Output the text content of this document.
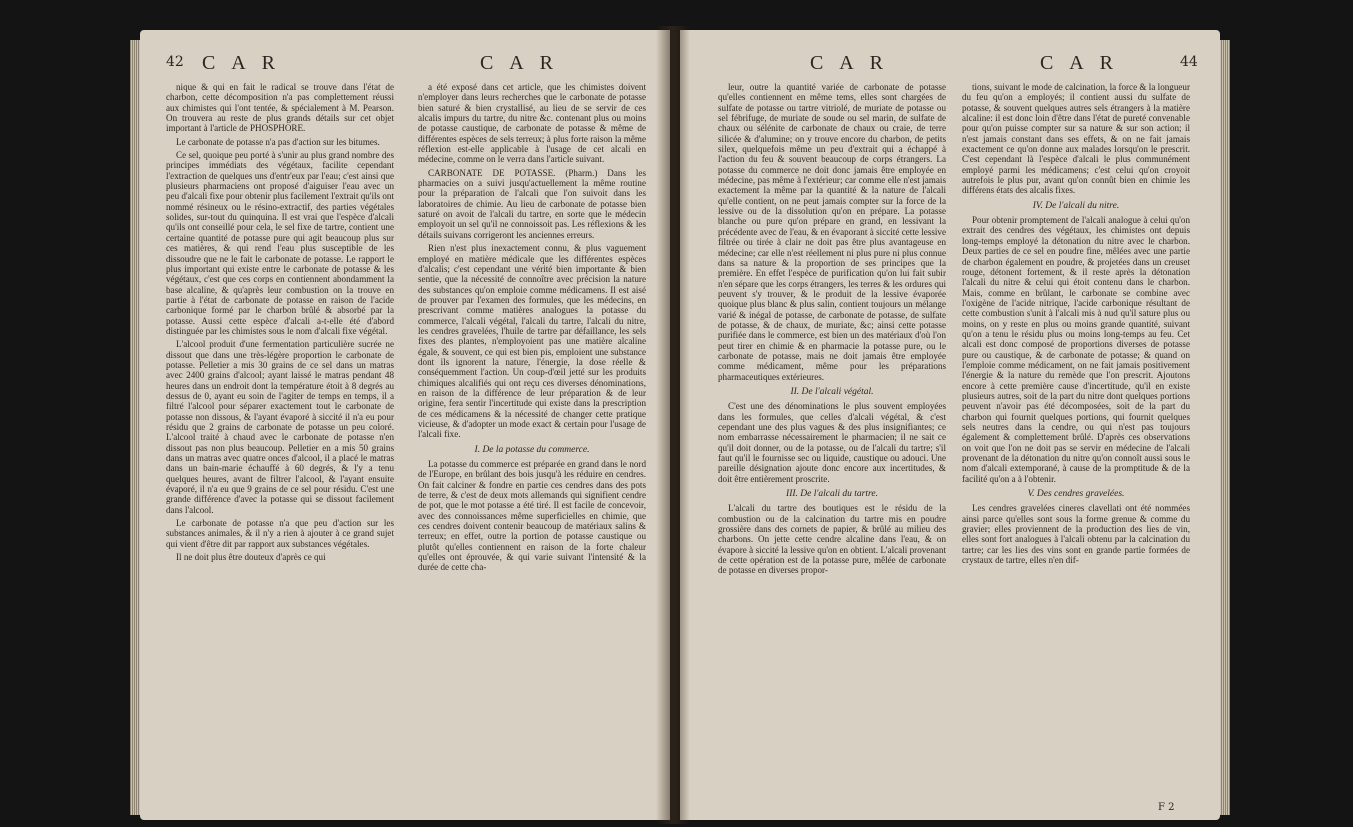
42 C A R	C A R

nique & qui en fait le radical se trouve dans l'état de charbon, cette décomposition n'a pas complettement réussi aux chimistes qui l'ont tentée, & spécialement à M. Pearson. On trouvera au reste de plus grands détails sur cet objet important à l'article de PHOSPHORE.

Le carbonate de potasse n'a pas d'action sur les bitumes.

Ce sel, quoique peu porté à s'unir au plus grand nombre des principes immédiats des végétaux, facilite cependant l'extraction de quelques uns d'entr'eux par l'eau; c'est ainsi que plusieurs pharmaciens ont proposé d'aiguiser l'eau avec un peu d'alcali fixe pour obtenir plus facilement l'extrait qu'ils ont nommé résineux ou le résino-extractif, des parties végétales solides, sur-tout du quinquina. Il est vrai que l'espèce d'alcali qu'ils ont conseillé pour cela, le sel fixe de tartre, contient une certaine quantité de potasse pure qui agit beaucoup plus sur ces matières, & qui rend l'eau plus susceptible de les dissoudre que ne le fait le carbonate de potasse. Le rapport le plus important qui existe entre le carbonate de potasse & les végétaux, c'est que ces corps en contiennent abondamment la base alcaline, & qu'après leur combustion on la trouve en partie à l'état de carbonate de potasse en raison de l'acide carbonique formé par le charbon brûlé & absorbé par la potasse. Aussi cette espèce d'alcali a-t-elle été d'abord distinguée par les chimistes sous le nom d'alcali fixe végétal.

L'alcool produit d'une fermentation particulière sucrée ne dissout que dans une très-légère proportion le carbonate de potasse. Pelletier a mis 30 grains de ce sel dans un matras avec 2400 grains d'alcool; ayant laissé le matras pendant 48 heures dans un endroit dont la température étoit à 8 degrés au dessus de 0, ayant eu soin de l'agiter de temps en temps, il a filtré l'alcool pour séparer exactement tout le carbonate de potasse non dissous, & l'ayant évaporé à siccité il n'a eu pour résidu que 2 grains de carbonate de potasse un peu coloré. L'alcool traité à chaud avec le carbonate de potasse n'en dissout pas non plus beaucoup. Pelletier en a mis 50 grains dans un matras avec quatre onces d'alcool, il a placé le matras dans un bain-marie échauffé à 60 degrés, & l'y a tenu quelques heures, avant de filtrer l'alcool, & l'ayant ensuite évaporé, il n'a eu que 9 grains de ce sel pour résidu. C'est une grande différence d'avec la potasse qui se dissout facilement dans l'alcool.

Le carbonate de potasse n'a que peu d'action sur les substances animales, & il n'y a rien à ajouter à ce grand sujet qui vient d'être dit par rapport aux substances végétales.

Il ne doit plus être douteux d'après ce qui

a été exposé dans cet article, que les chimistes doivent n'employer dans leurs recherches que le carbonate de potasse bien saturé & bien crystallisé, au lieu de se servir de ces alcalis impurs du tartre, du nitre &c. contenant plus ou moins de potasse caustique, de carbonate de potasse & même de différentes espèces de sels terreux; à plus forte raison la même réflexion est-elle applicable à l'usage de cet alcali en médecine, comme on le verra dans l'article suivant.

CARBONATE DE POTASSE. (Pharm.) Dans les pharmacies on a suivi jusqu'actuellement la même routine pour la préparation de l'alcali que l'on suivoit dans les laboratoires de chimie. Au lieu de carbonate de potasse bien saturé on avoit de l'alcali du tartre, en sorte que le médecin employoit un sel qu'il ne connoissoit pas. Les réflexions & les détails suivans corrigeront les anciennes erreurs.

Rien n'est plus inexactement connu, & plus vaguement employé en matière médicale que les différentes espèces d'alcalis; c'est cependant une vérité bien importante & bien sentie, que la nécessité de connoître avec précision la nature des substances qu'on emploie comme médicamens. Il est aisé de prouver par l'examen des formules, que les médecins, en prescrivant comme matières analogues la potasse du commerce, l'alcali végétal, l'alcali du tartre, l'alcali du nitre, les cendres gravelées, l'huile de tartre par défaillance, les sels fixes des plantes, n'employoient pas une matière alcaline égale, & souvent, ce qui est bien pis, emploient une substance dont ils ignorent la nature, l'énergie, la dose réelle & conséquemment l'action. Un coup-d'œil jetté sur les produits chimiques alcalifiés qui ont reçu ces diverses dénominations, en raison de la différence de leur préparation & de leur origine, fera sentir l'incertitude qui existe dans la prescription de ces médicamens & la nécessité de changer cette pratique vicieuse, & d'adopter un mode exact & certain pour l'usage de l'alcali fixe.

I. De la potasse du commerce.

La potasse du commerce est préparée en grand dans le nord de l'Europe, en brûlant des bois jusqu'à les réduire en cendres. On fait calciner & fondre en partie ces cendres dans des pots de terre, & c'est de deux mots allemands qui signifient cendre de pot, que le mot potasse a été tiré. Il est facile de concevoir, avec des connoissances même superficielles en chimie, que ces cendres doivent contenir beaucoup de matériaux salins & terreux; en effet, outre la portion de potasse caustique ou plutôt qu'elles contiennent en raison de la forte chaleur qu'elles ont éprouvée, & qui varie suivant l'intensité & la durée de cette cha-

C A R	C A R	44

leur, outre la quantité variée de carbonate de potasse qu'elles contiennent en même tems, elles sont chargées de sulfate de potasse ou tartre vitriolé, de muriate de potasse ou sel fébrifuge, de muriate de soude ou sel marin, de sulfate de chaux ou sélénite de carbonate de chaux ou craie, de terre silicée & d'alumine; on y trouve encore du charbon, de petits silex, quelquefois même un peu d'extrait qui a échappé à l'action du feu & souvent beaucoup de corps étrangers. La potasse du commerce ne doit donc jamais être employée en médecine, pas même à l'extérieur; car comme elle n'est jamais exactement la même par la quantité & la nature de l'alcali qu'elle contient, on ne peut jamais compter sur la force de la lessive ou de la dissolution qu'on en prépare. La potasse blanche ou pure qu'on prépare en grand, en lessivant la précédente avec de l'eau, & en évaporant à siccité cette lessive filtrée ou tirée à clair ne doit pas être plus avantageuse en médecine; car elle n'est réellement ni plus pure ni plus connue dans sa nature & la proportion de ses principes que la première. En effet l'espèce de purification qu'on lui fait subir n'en sépare que les corps étrangers, les terres & les ordures qui peuvent s'y trouver, & le produit de la lessive évaporée quoique plus blanc & plus salin, contient toujours un mélange varié & inégal de potasse, de carbonate de potasse, de sulfate de potasse, & de chaux, de muriate, &c; ainsi cette potasse purifiée dans le commerce, est bien un des matériaux d'où l'on peut tirer en chimie & en pharmacie la potasse pure, ou le carbonate de potasse, mais ne doit jamais être employée comme médicament, même pour les préparations pharmaceutiques extérieures.

II. De l'alcali végétal.

C'est une des dénominations le plus souvent employées dans les formules, que celles d'alcali végétal, & c'est cependant une des plus vagues & des plus insignifiantes; ce nom embarrasse nécessairement le pharmacien; il ne sait ce qu'il doit donner, ou de la potasse, ou de l'alcali du tartre; s'il faut qu'il le fournisse sec ou liquide, caustique ou adouci. Une pareille désignation ajoute donc encore aux incertitudes, & doit être entièrement proscrite.

III. De l'alcali du tartre.

L'alcali du tartre des boutiques est le résidu de la combustion ou de la calcination du tartre mis en poudre grossière dans des cornets de papier, & brûlé au milieu des charbons. On jette cette cendre alcaline dans l'eau, & on évapore à siccité la lessive qu'on en obtient. L'alcali provenant de cette opération est de la potasse pure, mêlée de carbonate de potasse en diverses propor-

tions, suivant le mode de calcination, la force & la longueur du feu qu'on a employés; il contient aussi du sulfate de potasse, & souvent quelques autres sels étrangers à la matière alcaline: il est donc loin d'être dans l'état de pureté convenable pour qu'on puisse compter sur sa nature & sur son action; il n'est jamais constant dans ses effets, & on ne fait jamais exactement ce qu'on donne aux malades lorsqu'on le prescrit. C'est cependant là l'espèce d'alcali le plus communément employé parmi les médicamens; c'est celui qu'on croyoit autrefois le plus pur, avant qu'on connût bien en chimie les différens états des alcalis fixes.

IV. De l'alcali du nitre.

Pour obtenir promptement de l'alcali analogue à celui qu'on extrait des cendres des végétaux, les chimistes ont depuis long-temps employé la détonation du nitre avec le charbon. Deux parties de ce sel en poudre fine, mêlées avec une partie de charbon également en poudre, & projetées dans un creuset rouge, détonent fortement, & il reste après la détonation l'alcali du nitre & celui qui étoit contenu dans le charbon. Mais, comme en brûlant, le carbonate se combine avec l'oxigène de l'acide nitrique, l'acide carbonique résultant de cette combustion s'unit à l'alcali mis à nud qu'il sature plus ou moins, on y reste en plus ou moins grande quantité, suivant qu'on a tenu le résidu plus ou moins long-temps au feu. Cet alcali est donc composé de proportions diverses de potasse pure ou caustique, & de carbonate de potasse; & quand on l'emploie comme médicament, on ne fait jamais positivement l'énergie & la nature du remède que l'on prescrit. Ajoutons encore à cette première cause d'incertitude, qu'il en existe plusieurs autres, soit de la part du nitre dont quelques portions peuvent n'avoir pas été décomposées, soit de la part du charbon qui fournit quelques portions, qui fournit quelques sels neutres dans la cendre, ou qui n'est pas toujours également & complettement brûlé. D'après ces observations on voit que l'on ne doit pas se servir en médecine de l'alcali provenant de la détonation du nitre qu'on connoît aussi sous le nom d'alcali extemporané, à cause de la promptitude & de la facilité qu'on a à l'obtenir.

V. Des cendres gravelées.

Les cendres gravelées cineres clavellati ont été nommées ainsi parce qu'elles sont sous la forme grenue & comme du gravier; elles proviennent de la production des lies de vin, elles sont fort analogues à l'alcali obtenu par la calcination du tartre; car les lies des vins sont en grande partie formées de crystaux de tartre, elles n'en dif-

F 2
